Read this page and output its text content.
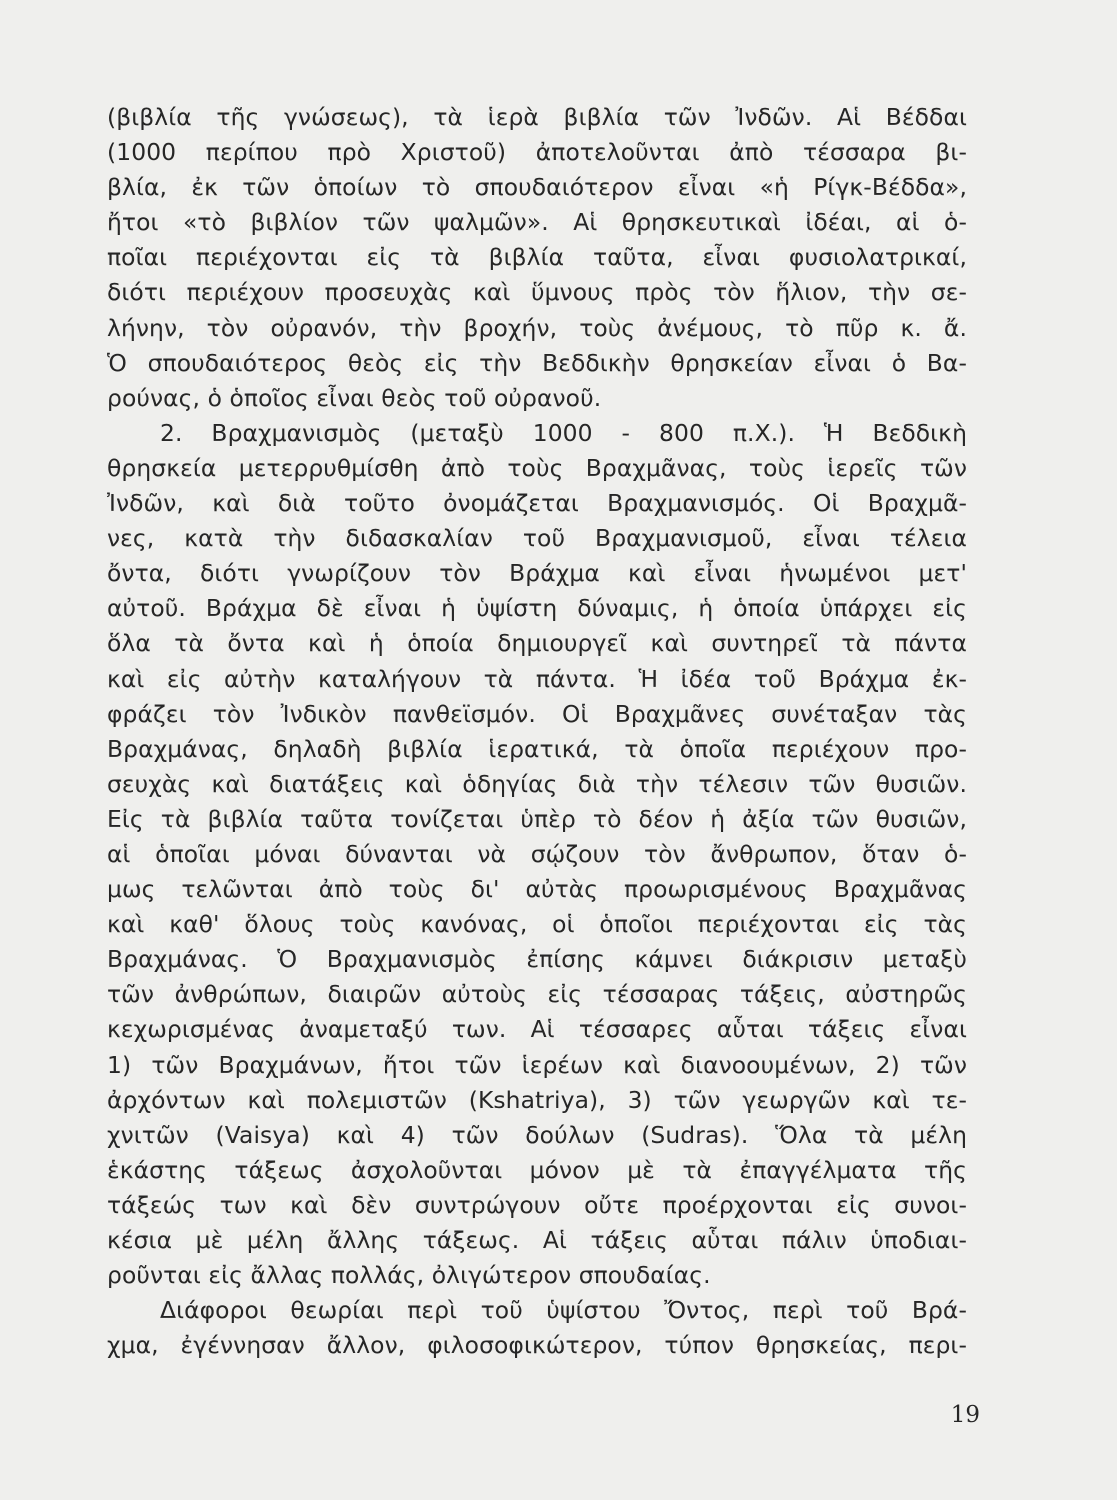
(βιβλία τῆς γνώσεως), τὰ ἱερὰ βιβλία τῶν Ἰνδῶν. Αἱ Βέδδαι
(1000 περίπου πρὸ Χριστοῦ) ἀποτελοῦνται ἀπὸ τέσσαρα βι-
βλία, ἐκ τῶν ὁποίων τὸ σπουδαιότερον εἶναι «ἡ Ρίγκ-Βέδδα»,
ἤτοι «τὸ βιβλίον τῶν ψαλμῶν». Αἱ θρησκευτικαὶ ἰδέαι, αἱ ὁ-
ποῖαι περιέχονται εἰς τὰ βιβλία ταῦτα, εἶναι φυσιολατρικαί,
διότι περιέχουν προσευχὰς καὶ ὕμνους πρὸς τὸν ἥλιον, τὴν σε-
λήνην, τὸν οὐρανόν, τὴν βροχήν, τοὺς ἀνέμους, τὸ πῦρ κ. ἄ.
Ὁ σπουδαιότερος θεὸς εἰς τὴν Βεδδικὴν θρησκείαν εἶναι ὁ Βα-
ρούνας, ὁ ὁποῖος εἶναι θεὸς τοῦ οὐρανοῦ.
2. Βραχμανισμὸς (μεταξὺ 1000 - 800 π.Χ.). Ἡ Βεδδικὴ
θρησκεία μετερρυθμίσθη ἀπὸ τοὺς Βραχμᾶνας, τοὺς ἱερεῖς τῶν
Ἰνδῶν, καὶ διὰ τοῦτο ὀνομάζεται Βραχμανισμός. Οἱ Βραχμᾶ-
νες, κατὰ τὴν διδασκαλίαν τοῦ Βραχμανισμοῦ, εἶναι τέλεια
ὄντα, διότι γνωρίζουν τὸν Βράχμα καὶ εἶναι ἡνωμένοι μετ'
αὐτοῦ. Βράχμα δὲ εἶναι ἡ ὑψίστη δύναμις, ἡ ὁποία ὑπάρχει εἰς
ὅλα τὰ ὄντα καὶ ἡ ὁποία δημιουργεῖ καὶ συντηρεῖ τὰ πάντα
καὶ εἰς αὐτὴν καταλήγουν τὰ πάντα. Ἡ ἰδέα τοῦ Βράχμα ἐκ-
φράζει τὸν Ἰνδικὸν πανθεϊσμόν. Οἱ Βραχμᾶνες συνέταξαν τὰς
Βραχμάνας, δηλαδὴ βιβλία ἱερατικά, τὰ ὁποῖα περιέχουν προ-
σευχὰς καὶ διατάξεις καὶ ὁδηγίας διὰ τὴν τέλεσιν τῶν θυσιῶν.
Εἰς τὰ βιβλία ταῦτα τονίζεται ὑπὲρ τὸ δέον ἡ ἀξία τῶν θυσιῶν,
αἱ ὁποῖαι μόναι δύνανται νὰ σῴζουν τὸν ἄνθρωπον, ὅταν ὁ-
μως τελῶνται ἀπὸ τοὺς δι' αὐτὰς προωρισμένους Βραχμᾶνας
καὶ καθ' ὅλους τοὺς κανόνας, οἱ ὁποῖοι περιέχονται εἰς τὰς
Βραχμάνας. Ὁ Βραχμανισμὸς ἐπίσης κάμνει διάκρισιν μεταξὺ
τῶν ἀνθρώπων, διαιρῶν αὐτοὺς εἰς τέσσαρας τάξεις, αὐστηρῶς
κεχωρισμένας ἀναμεταξύ των. Αἱ τέσσαρες αὗται τάξεις εἶναι
1) τῶν Βραχμάνων, ἤτοι τῶν ἱερέων καὶ διανοουμένων, 2) τῶν
ἀρχόντων καὶ πολεμιστῶν (Kshatriya), 3) τῶν γεωργῶν καὶ τε-
χνιτῶν (Vaisya) καὶ 4) τῶν δούλων (Sudras). Ὅλα τὰ μέλη
ἑκάστης τάξεως ἀσχολοῦνται μόνον μὲ τὰ ἐπαγγέλματα τῆς
τάξεώς των καὶ δὲν συντρώγουν οὔτε προέρχονται εἰς συνοι-
κέσια μὲ μέλη ἄλλης τάξεως. Αἱ τάξεις αὗται πάλιν ὑποδιαι-
ροῦνται εἰς ἄλλας πολλάς, ὀλιγώτερον σπουδαίας.
Διάφοροι θεωρίαι περὶ τοῦ ὑψίστου Ὄντος, περὶ τοῦ Βρά-
χμα, ἐγέννησαν ἄλλον, φιλοσοφικώτερον, τύπον θρησκείας, περι-
19
